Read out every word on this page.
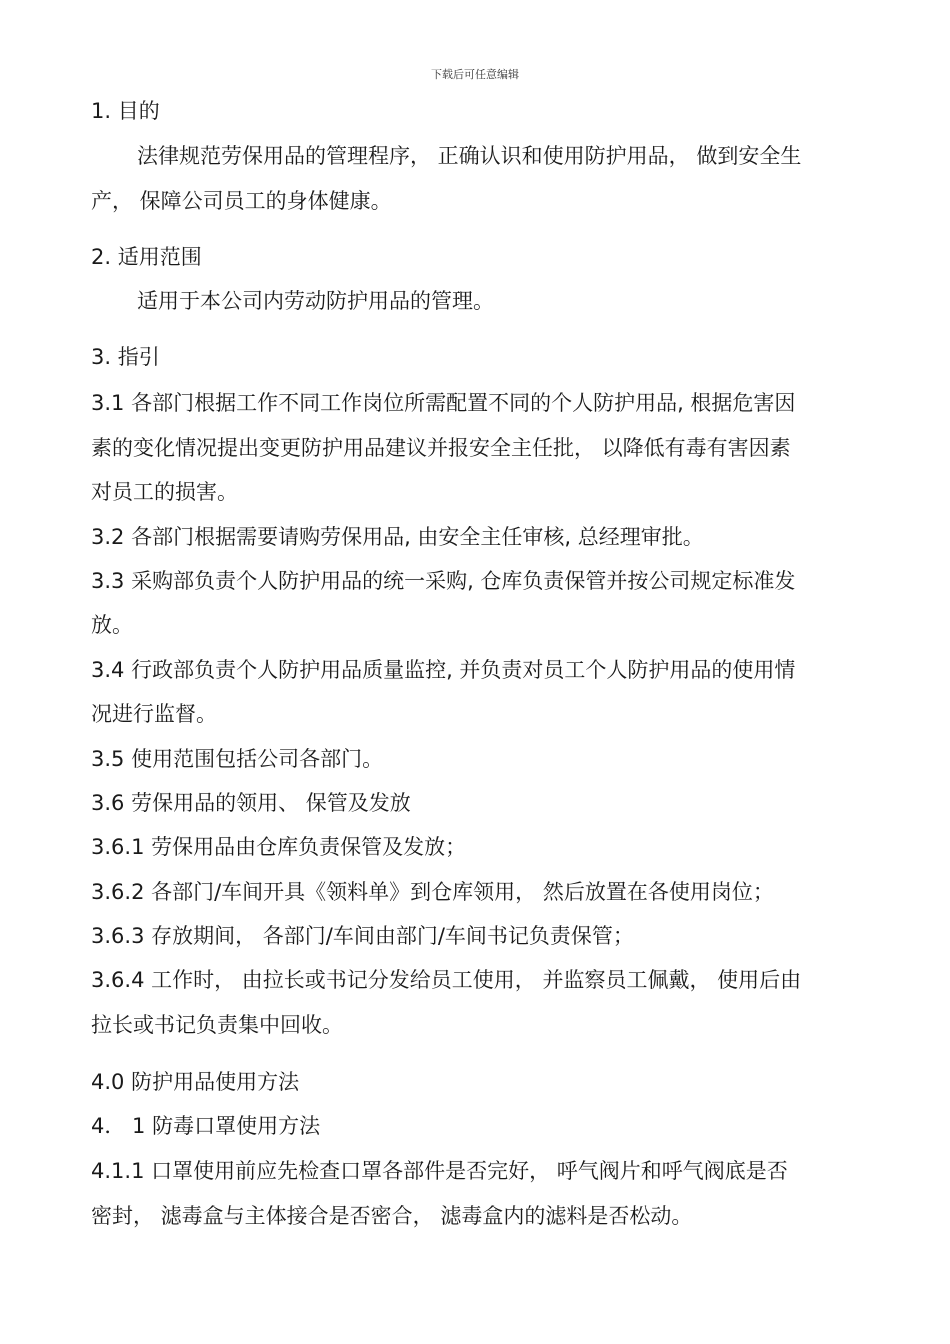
下载后可任意编辑
1. 目的
法律规范劳保用品的管理程序， 正确认识和使用防护用品， 做到安全生
产， 保障公司员工的身体健康。
2. 适用范围
适用于本公司内劳动防护用品的管理。
3. 指引
3.1 各部门根据工作不同工作岗位所需配置不同的个人防护用品, 根据危害因
素的变化情况提出变更防护用品建议并报安全主任批， 以降低有毒有害因素
对员工的损害。
3.2 各部门根据需要请购劳保用品, 由安全主任审核, 总经理审批。
3.3 采购部负责个人防护用品的统一采购, 仓库负责保管并按公司规定标准发
放。
3.4 行政部负责个人防护用品质量监控, 并负责对员工个人防护用品的使用情
况进行监督。
3.5 使用范围包括公司各部门。
3.6 劳保用品的领用、 保管及发放
3.6.1 劳保用品由仓库负责保管及发放；
3.6.2 各部门/车间开具《领料单》到仓库领用， 然后放置在各使用岗位；
3.6.3 存放期间， 各部门/车间由部门/车间书记负责保管；
3.6.4 工作时， 由拉长或书记分发给员工使用， 并监察员工佩戴， 使用后由
拉长或书记负责集中回收。
4.0 防护用品使用方法
4． 1 防毒口罩使用方法
4.1.1 口罩使用前应先检查口罩各部件是否完好， 呼气阀片和呼气阀底是否
密封， 滤毒盒与主体接合是否密合， 滤毒盒内的滤料是否松动。
